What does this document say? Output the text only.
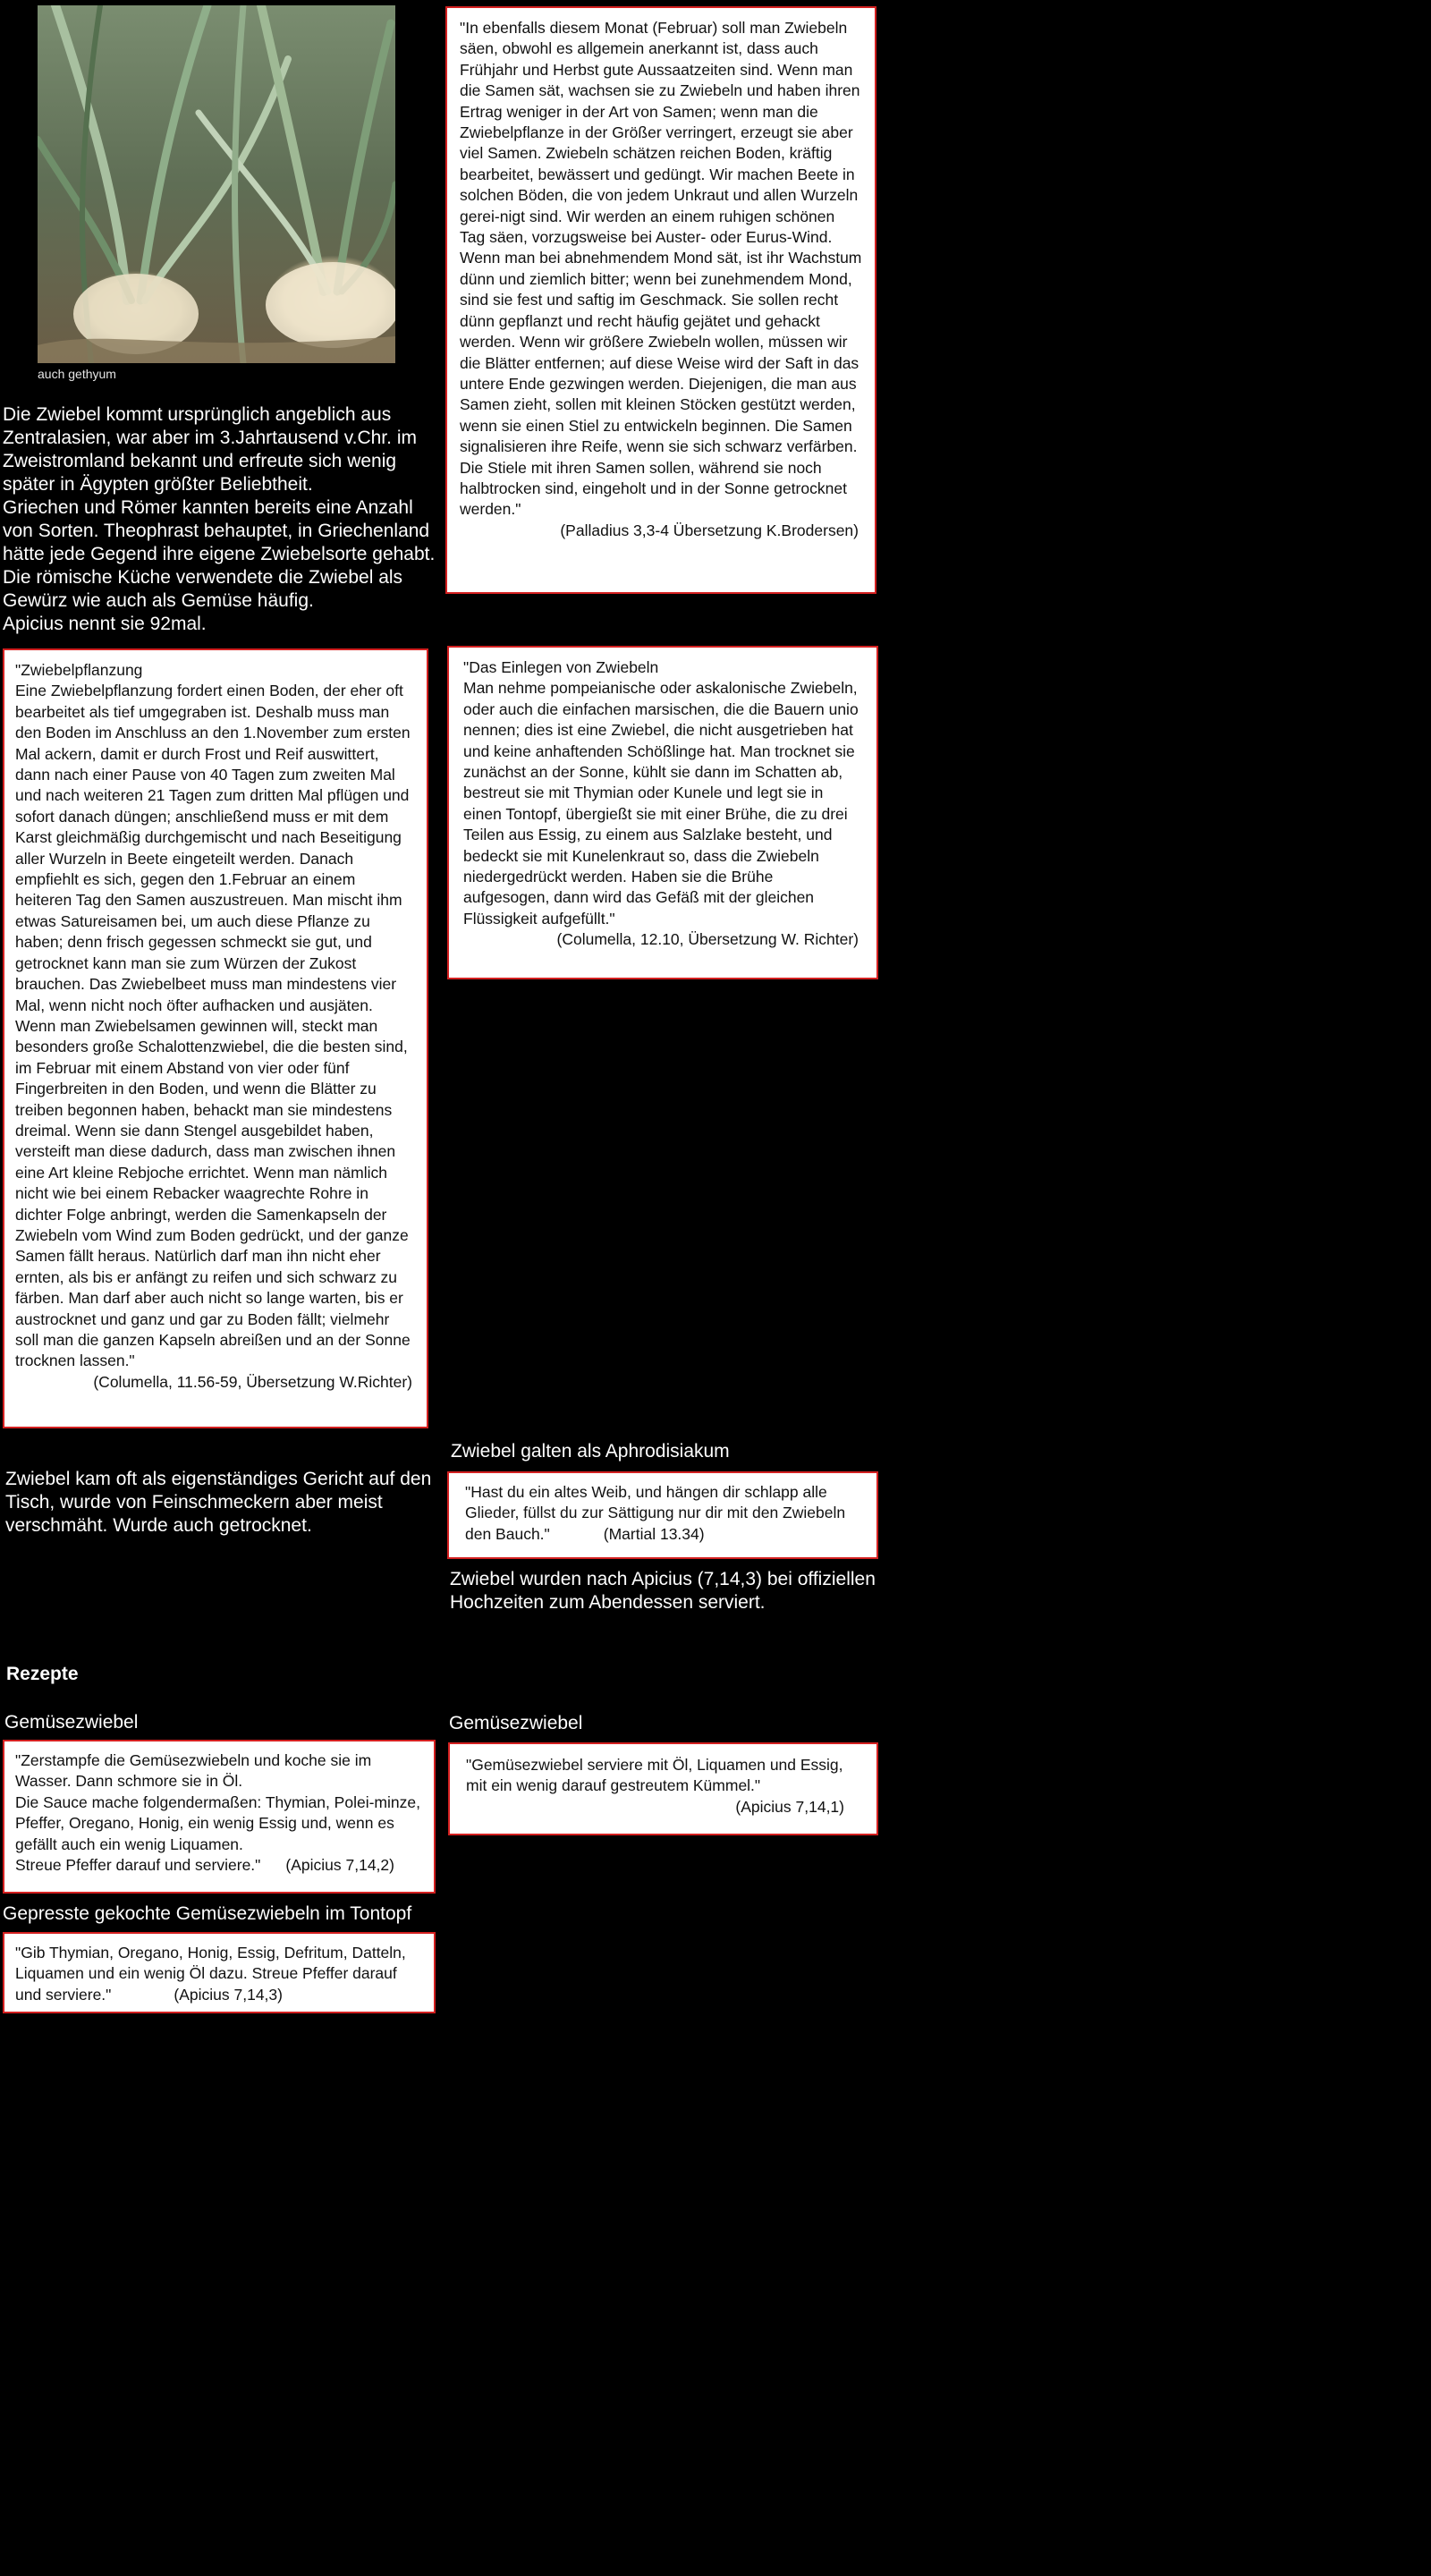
auch gethyum
Die Zwiebel kommt ursprünglich angeblich aus Zentralasien, war aber im 3.Jahrtausend v.Chr. im Zweistromland bekannt und erfreute sich wenig später in Ägypten größter Beliebtheit.
Griechen und Römer kannten bereits eine Anzahl von Sorten. Theophrast behauptet, in Griechenland hätte jede Gegend ihre eigene Zwiebelsorte gehabt.
Die römische Küche verwendete die Zwiebel als Gewürz wie auch als Gemüse häufig.
Apicius nennt sie 92mal.

"In ebenfalls diesem Monat (Februar) soll man Zwiebeln säen, obwohl es allgemein anerkannt ist, dass auch Frühjahr und Herbst gute Aussaatzeiten sind. Wenn man die Samen sät, wachsen sie zu Zwiebeln und haben ihren Ertrag weniger in der Art von Samen; wenn man die Zwiebelpflanze in der Größer verringert, erzeugt sie aber viel Samen. Zwiebeln schätzen reichen Boden, kräftig bearbeitet, bewässert und gedüngt. Wir machen Beete in solchen Böden, die von jedem Unkraut und allen Wurzeln gerei-nigt sind. Wir werden an einem ruhigen schönen Tag säen, vorzugsweise bei Auster- oder Eurus-Wind. Wenn man bei abnehmendem Mond sät, ist ihr Wachstum dünn und ziemlich bitter; wenn bei zunehmendem Mond, sind sie fest und saftig im Geschmack. Sie sollen recht dünn gepflanzt und recht häufig gejätet und gehackt werden. Wenn wir größere Zwiebeln wollen, müssen wir die Blätter entfernen; auf diese Weise wird der Saft in das untere Ende gezwingen werden. Diejenigen, die man aus Samen zieht, sollen mit kleinen Stöcken gestützt werden, wenn sie einen Stiel zu entwickeln beginnen. Die Samen signalisieren ihre Reife, wenn sie sich schwarz verfärben. Die Stiele mit ihren Samen sollen, während sie noch halbtrocken sind, eingeholt und in der Sonne getrocknet werden."

(Palladius 3,3-4 Übersetzung K.Brodersen)

"Zwiebelpflanzung

Eine Zwiebelpflanzung fordert einen Boden, der eher oft bearbeitet als tief umgegraben ist. Deshalb muss man den Boden im Anschluss an den 1.November zum ersten Mal ackern, damit er durch Frost und Reif auswittert, dann nach einer Pause von 40 Tagen zum zweiten Mal und nach weiteren 21 Tagen zum dritten Mal pflügen und sofort danach düngen; anschließend muss er mit dem Karst gleichmäßig durchgemischt und nach Beseitigung aller Wurzeln in Beete eingeteilt werden. Danach empfiehlt es sich, gegen den 1.Februar an einem heiteren Tag den Samen auszustreuen. Man mischt ihm etwas Satureisamen bei, um auch diese Pflanze zu haben; denn frisch gegessen schmeckt sie gut, und getrocknet kann man sie zum Würzen der Zukost brauchen. Das Zwiebelbeet muss man mindestens vier Mal, wenn nicht noch öfter aufhacken und ausjäten.

Wenn man Zwiebelsamen gewinnen will, steckt man besonders große Schalottenzwiebel, die die besten sind, im Februar mit einem Abstand von vier oder fünf Fingerbreiten in den Boden, und wenn die Blätter zu treiben begonnen haben, behackt man sie mindestens dreimal. Wenn sie dann Stengel ausgebildet haben, versteift man diese dadurch, dass man zwischen ihnen eine Art kleine Rebjoche errichtet. Wenn man nämlich nicht wie bei einem Rebacker waagrechte Rohre in dichter Folge anbringt, werden die Samenkapseln der Zwiebeln vom Wind zum Boden gedrückt, und der ganze Samen fällt heraus. Natürlich darf man ihn nicht eher ernten, als bis er anfängt zu reifen und sich schwarz zu färben. Man darf aber auch nicht so lange warten, bis er austrocknet und ganz und gar zu Boden fällt; vielmehr soll man die ganzen Kapseln abreißen und an der Sonne trocknen lassen."

(Columella, 11.56-59, Übersetzung W.Richter)

"Das Einlegen von Zwiebeln

Man nehme pompeianische oder askalonische Zwiebeln, oder auch die einfachen marsischen, die die Bauern unio nennen; dies ist eine Zwiebel, die nicht ausgetrieben hat und keine anhaftenden Schößlinge hat. Man trocknet sie zunächst an der Sonne, kühlt sie dann im Schatten ab, bestreut sie mit Thymian oder Kunele und legt sie in einen Tontopf, übergießt sie mit einer Brühe, die zu drei Teilen aus Essig, zu einem aus Salzlake besteht, und bedeckt sie mit Kunelenkraut so, dass die Zwiebeln niedergedrückt werden. Haben sie die Brühe aufgesogen, dann wird das Gefäß mit der gleichen Flüssigkeit aufgefüllt."

(Columella, 12.10, Übersetzung W. Richter)
Zwiebel kam oft als eigenständiges Gericht auf den Tisch, wurde von Feinschmeckern aber meist verschmäht. Wurde auch getrocknet.
Zwiebel galten als Aphrodisiakum
"Hast du ein altes Weib, und hängen dir schlapp alle Glieder, füllst du zur Sättigung nur dir mit den Zwiebeln den Bauch."	(Martial 13.34)
Zwiebel wurden nach Apicius (7,14,3) bei offiziellen Hochzeiten zum Abendessen serviert.
Rezepte
Gemüsezwiebel

"Zerstampfe die Gemüsezwiebeln und koche sie im Wasser. Dann schmore sie in Öl.

Die Sauce mache folgendermaßen: Thymian, Polei-minze, Pfeffer, Oregano, Honig, ein wenig Essig und, wenn es gefällt auch ein wenig Liquamen.

Streue Pfeffer darauf und serviere." (Apicius 7,14,2)

Gemüsezwiebel

"Gemüsezwiebel serviere mit Öl, Liquamen und Essig, mit ein wenig darauf gestreutem Kümmel."

(Apicius 7,14,1)
Gepresste gekochte Gemüsezwiebeln im Tontopf
"Gib Thymian, Oregano, Honig, Essig, Defritum, Datteln, Liquamen und ein wenig Öl dazu. Streue Pfeffer darauf und serviere."	(Apicius 7,14,3)
